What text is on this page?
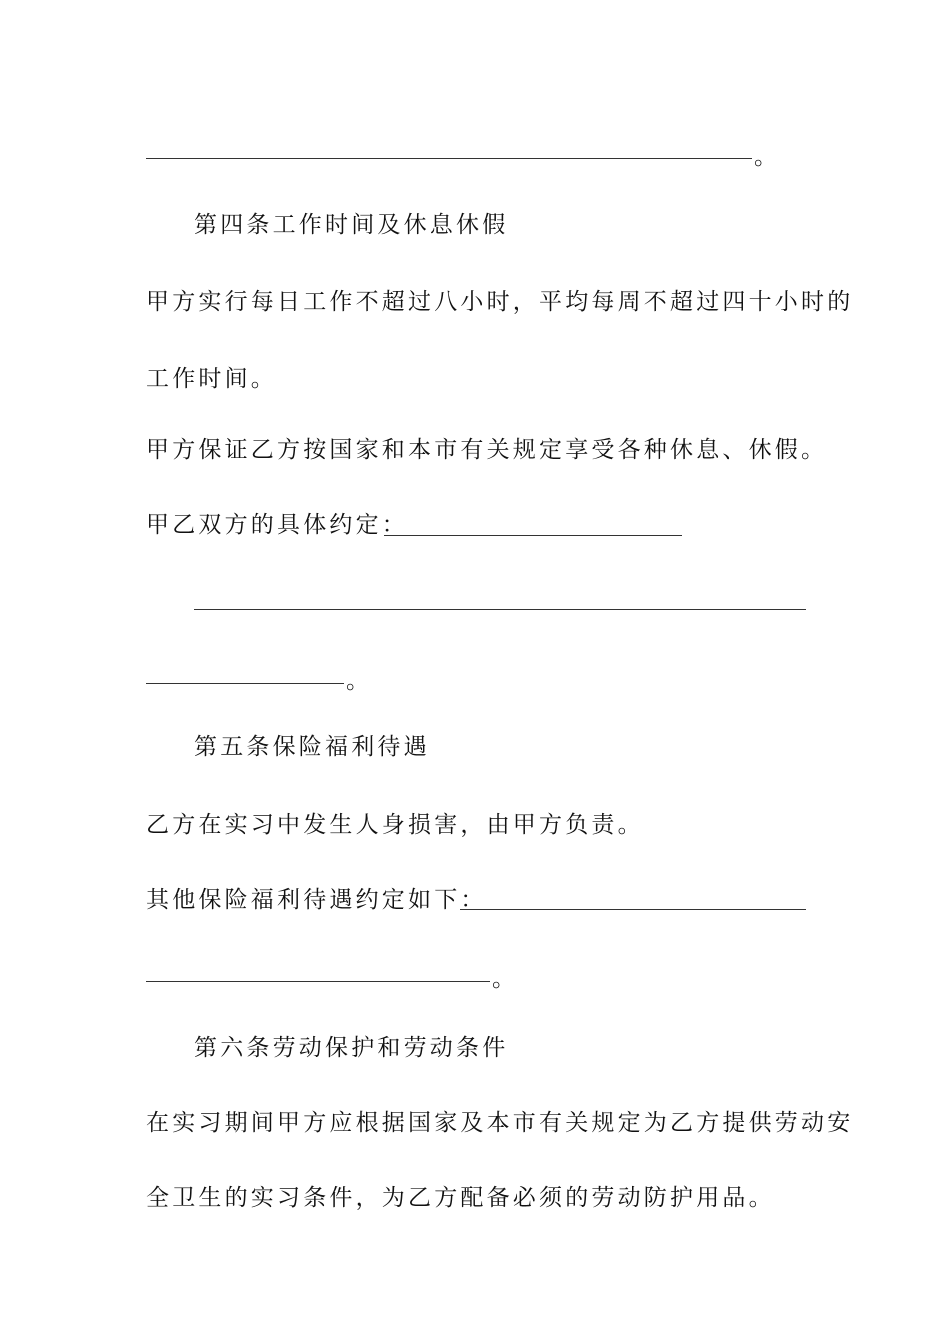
。
第四条工作时间及休息休假
甲方实行每日工作不超过八小时，平均每周不超过四十小时的
工作时间。
甲方保证乙方按国家和本市有关规定享受各种休息、休假。
甲乙双方的具体约定：
。
第五条保险福利待遇
乙方在实习中发生人身损害，由甲方负责。
其他保险福利待遇约定如下：
。
第六条劳动保护和劳动条件
在实习期间甲方应根据国家及本市有关规定为乙方提供劳动安
全卫生的实习条件，为乙方配备必须的劳动防护用品。
